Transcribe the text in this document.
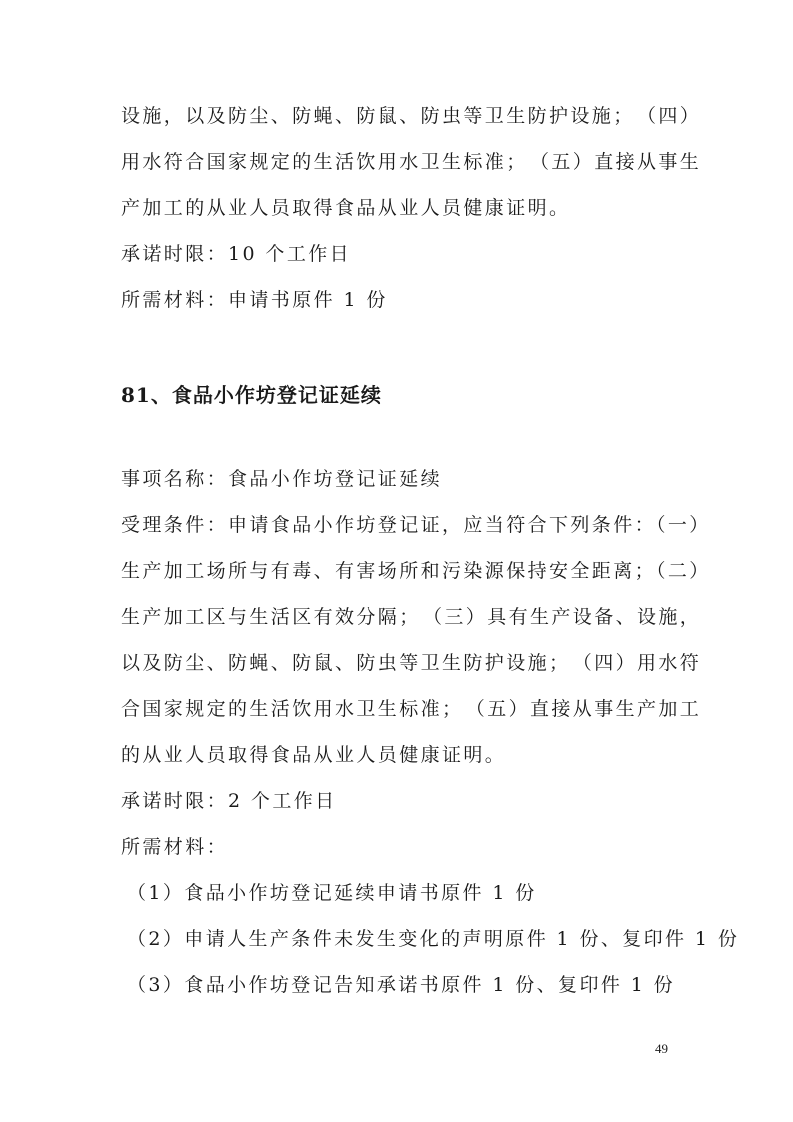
设施，以及防尘、防蝇、防鼠、防虫等卫生防护设施；　（四）
用水符合国家规定的生活饮用水卫生标准；　（五）直接从事生
产加工的从业人员取得食品从业人员健康证明。
承诺时限：10 个工作日
所需材料：申请书原件 1 份
81、食品小作坊登记证延续
事项名称：食品小作坊登记证延续
受理条件：申请食品小作坊登记证，应当符合下列条件：（一）
生产加工场所与有毒、有害场所和污染源保持安全距离；（二）
生产加工区与生活区有效分隔；　（三）具有生产设备、设施，
以及防尘、防蝇、防鼠、防虫等卫生防护设施；　（四）用水符
合国家规定的生活饮用水卫生标准；　（五）直接从事生产加工
的从业人员取得食品从业人员健康证明。
承诺时限：2 个工作日
所需材料：
（1）食品小作坊登记延续申请书原件 1 份
（2）申请人生产条件未发生变化的声明原件 1 份、复印件 1 份
（3）食品小作坊登记告知承诺书原件 1 份、复印件 1 份
49
